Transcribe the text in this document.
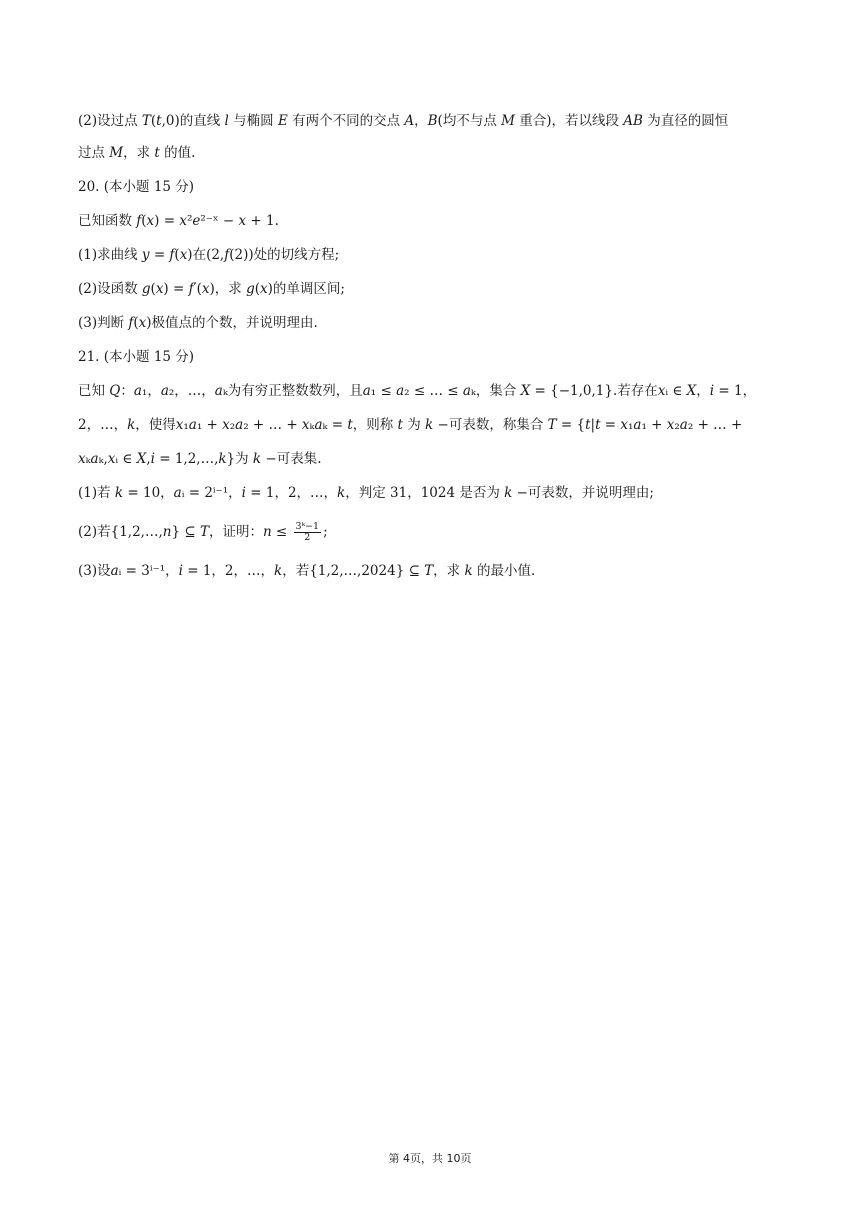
(2)设过点 𝑇(𝑡,0)的直线 𝑙 与椭圆 𝐸 有两个不同的交点 𝐴，𝐵(均不与点 𝑀 重合)，若以线段 𝐴𝐵 为直径的圆恒
过点 𝑀，求 𝑡 的值.
20. (本小题 15 分)
已知函数 𝑓(𝑥) = 𝑥²𝑒²⁻ˣ − 𝑥 + 1.
(1)求曲线 𝑦 = 𝑓(𝑥)在(2,𝑓(2))处的切线方程;
(2)设函数 𝑔(𝑥) = 𝑓′(𝑥)，求 𝑔(𝑥)的单调区间;
(3)判断 𝑓(𝑥)极值点的个数，并说明理由.
21. (本小题 15 分)
已知 𝑄：𝑎₁，𝑎₂，…，𝑎ₖ为有穷正整数数列，且𝑎₁ ≤ 𝑎₂ ≤ … ≤ 𝑎ₖ，集合 𝑋 = {−1,0,1}.若存在𝑥ᵢ ∈ 𝑋，𝑖 = 1，
2，…，𝑘，使得𝑥₁𝑎₁ + 𝑥₂𝑎₂ + … + 𝑥ₖ𝑎ₖ = 𝑡，则称 𝑡 为 𝑘 −可表数，称集合 𝑇 = {𝑡|𝑡 = 𝑥₁𝑎₁ + 𝑥₂𝑎₂ + … +
𝑥ₖ𝑎ₖ,𝑥ᵢ ∈ 𝑋,𝑖 = 1,2,…,𝑘}为 𝑘 −可表集.
(1)若 𝑘 = 10，𝑎ᵢ = 2ⁱ⁻¹，𝑖 = 1，2，…，𝑘，判定 31，1024 是否为 𝑘 −可表数，并说明理由;
(2)若{1,2,…,𝑛} ⊆ 𝑇，证明：𝑛 ≤ $\frac{\text{3ᵏ−1}}{2}$ ;
(3)设𝑎ᵢ = 3ⁱ⁻¹，𝑖 = 1，2，…，𝑘，若{1,2,…,2024} ⊆ 𝑇，求 𝑘 的最小值.
第 4页，共 10页
